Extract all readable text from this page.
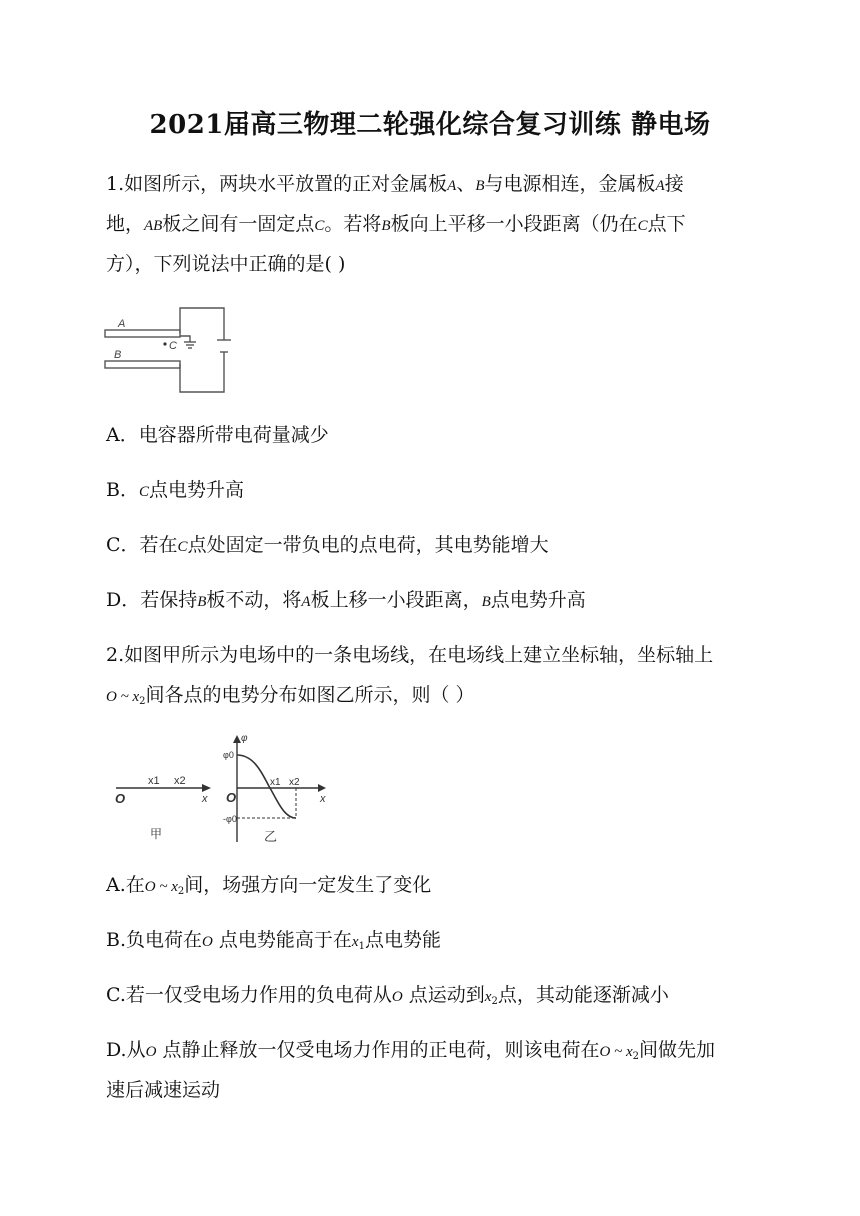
2021届高三物理二轮强化综合复习训练 静电场
1.如图所示，两块水平放置的正对金属板A、B与电源相连，金属板A接
地，AB板之间有一固定点C。若将B板向上平移一小段距离（仍在C点下
方），下列说法中正确的是( )
A
B
C
A．电容器所带电荷量减少
B．C点电势升高
C．若在C点处固定一带负电的点电荷，其电势能增大
D．若保持B板不动，将A板上移一小段距离，B点电势升高
2.如图甲所示为电场中的一条电场线，在电场线上建立坐标轴，坐标轴上
O ~ $x_2$间各点的电势分布如图乙所示，则（ ）
O
x1 x2
x
甲
φ
φ0
-φ0
O
x1 x2
x
乙
A.在O ~ $x_2$间，场强方向一定发生了变化
B.负电荷在O 点电势能高于在$x_1$点电势能
C.若一仅受电场力作用的负电荷从O 点运动到$x_2$点，其动能逐渐减小
D.从O 点静止释放一仅受电场力作用的正电荷，则该电荷在O ~ $x_2$间做先加
速后减速运动
